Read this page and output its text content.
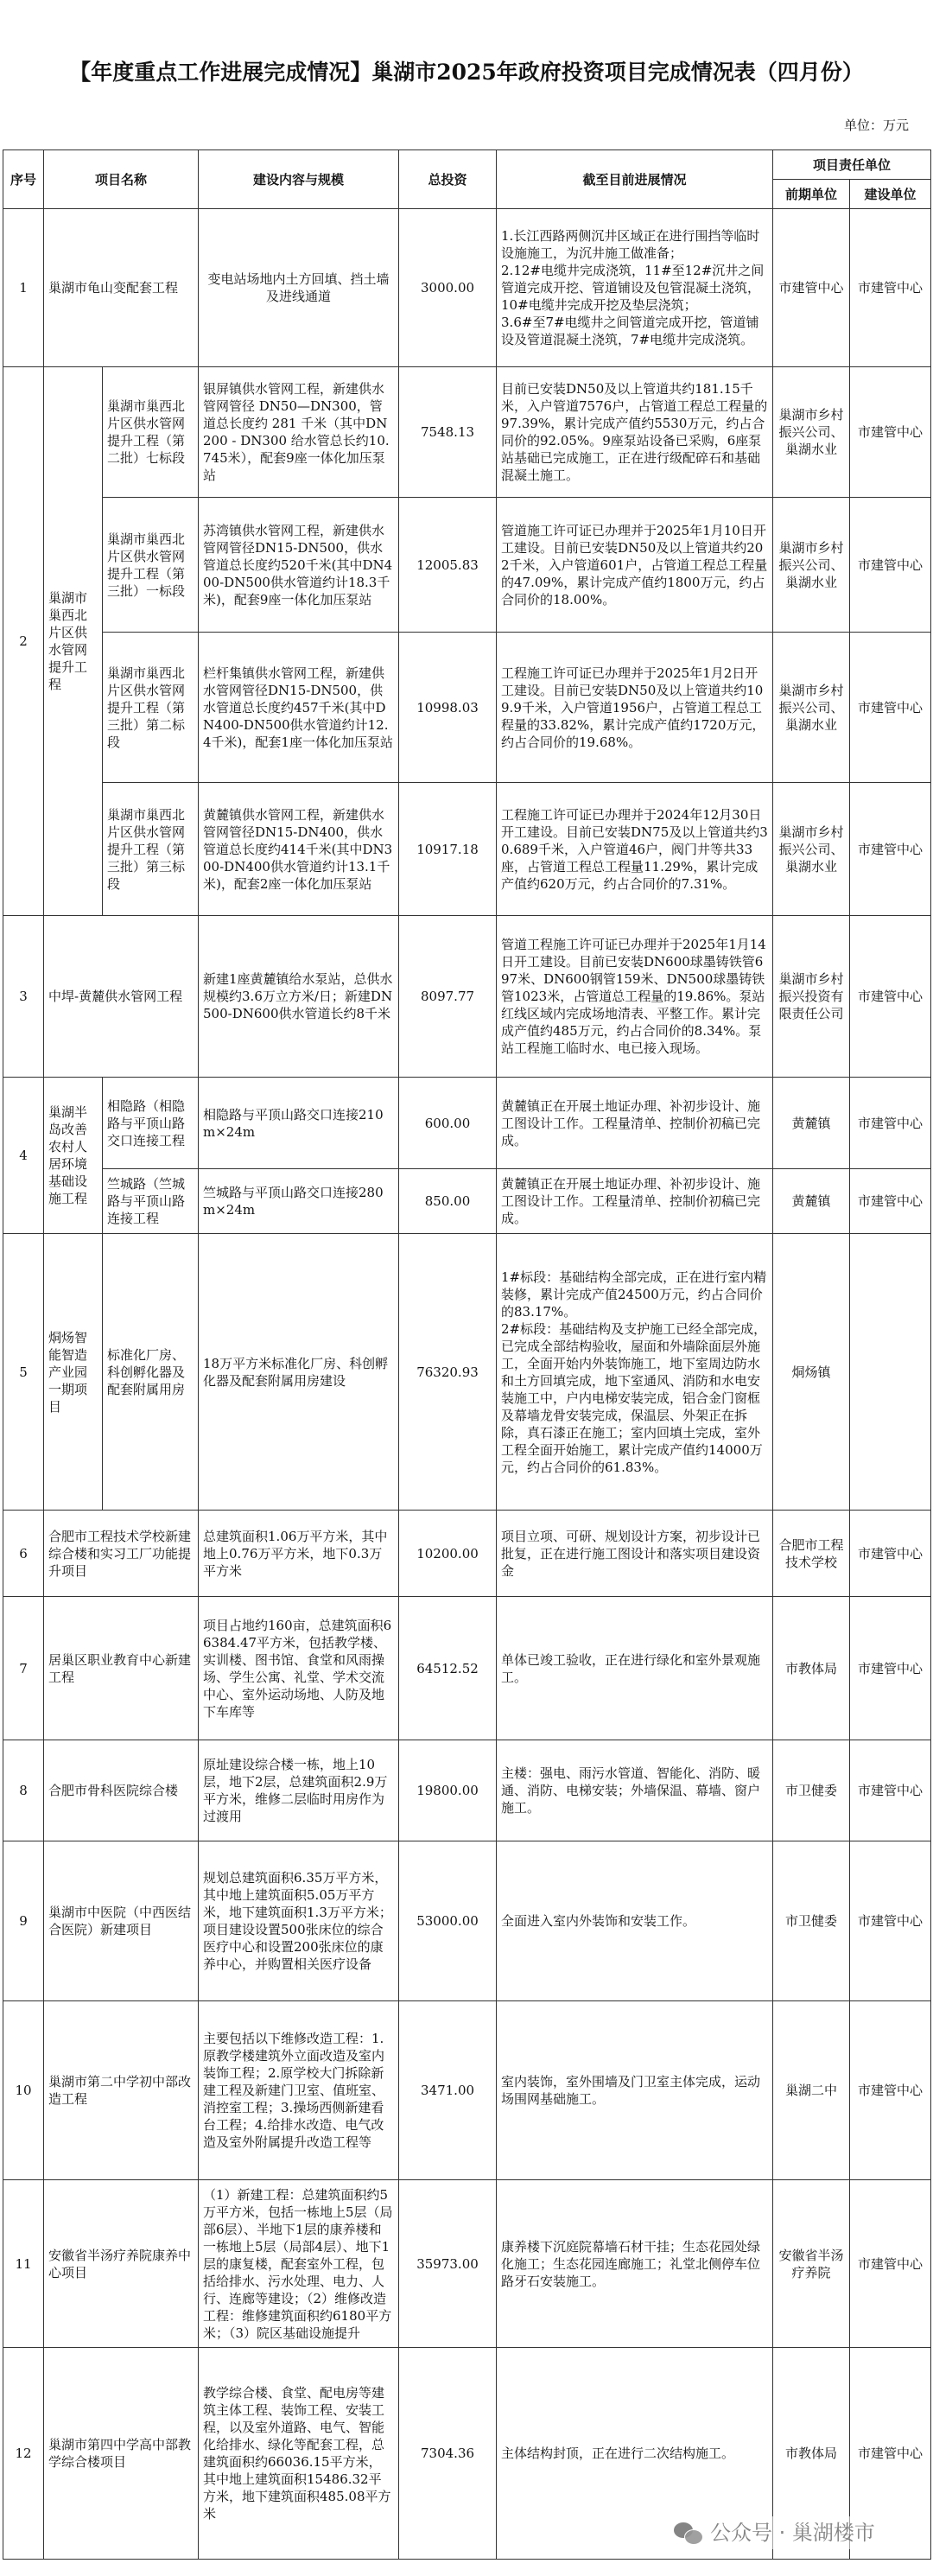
【年度重点工作进展完成情况】巢湖市2025年政府投资项目完成情况表（四月份）
单位：万元
序号	项目名称		建设内容与规模	总投资	截至目前进展情况	项目责任单位	
						前期单位	建设单位
1	巢湖市龟山变配套工程		变电站场地内土方回填、挡土墙及进线通道	3000.00	1.长江西路两侧沉井区域正在进行围挡等临时设施施工，为沉井施工做准备；
2.12#电缆井完成浇筑，11#至12#沉井之间管道完成开挖、管道铺设及包管混凝土浇筑，10#电缆井完成开挖及垫层浇筑；
3.6#至7#电缆井之间管道完成开挖，管道铺设及管道混凝土浇筑，7#电缆井完成浇筑。	市建管中心	市建管中心
2	巢湖市巢西北片区供水管网提升工程	巢湖市巢西北片区供水管网提升工程（第二批）七标段	银屏镇供水管网工程，新建供水管网管径 DN50—DN300，管道总长度约 281 千米（其中DN200 - DN300 给水管总长约10.745米），配套9座一体化加压泵站	7548.13	目前已安装DN50及以上管道共约181.15千米，入户管道7576户，占管道工程总工程量的97.39%，累计完成产值约5530万元，约占合同价的92.05%。9座泵站设备已采购，6座泵站基础已完成施工，正在进行级配碎石和基础混凝土施工。	巢湖市乡村振兴公司、巢湖水业	市建管中心
		巢湖市巢西北片区供水管网提升工程（第三批）一标段	苏湾镇供水管网工程，新建供水管网管径DN15-DN500，供水管道总长度约520千米(其中DN400-DN500供水管道约计18.3千米)，配套9座一体化加压泵站	12005.83	管道施工许可证已办理并于2025年1月10日开工建设。目前已安装DN50及以上管道共约202千米，入户管道601户，占管道工程总工程量的47.09%，累计完成产值约1800万元，约占合同价的18.00%。	巢湖市乡村振兴公司、巢湖水业	市建管中心
		巢湖市巢西北片区供水管网提升工程（第三批）第二标段	栏杆集镇供水管网工程，新建供水管网管径DN15-DN500，供水管道总长度约457千米(其中DN400-DN500供水管道约计12.4千米)，配套1座一体化加压泵站	10998.03	工程施工许可证已办理并于2025年1月2日开工建设。目前已安装DN50及以上管道共约109.9千米，入户管道1956户，占管道工程总工程量的33.82%，累计完成产值约1720万元，约占合同价的19.68%。	巢湖市乡村振兴公司、巢湖水业	市建管中心
		巢湖市巢西北片区供水管网提升工程（第三批）第三标段	黄麓镇供水管网工程，新建供水管网管径DN15-DN400，供水管道总长度约414千米(其中DN300-DN400供水管道约计13.1千米)，配套2座一体化加压泵站	10917.18	工程施工许可证已办理并于2024年12月30日开工建设。目前已安装DN75及以上管道共约30.689千米，入户管道46户，阀门井等共33座，占管道工程总工程量11.29%，累计完成产值约620万元，约占合同价的7.31%。	巢湖市乡村振兴公司、巢湖水业	市建管中心
3	中垾-黄麓供水管网工程		新建1座黄麓镇给水泵站，总供水规模约3.6万立方米/日；新建DN500-DN600供水管道长约8千米	8097.77	管道工程施工许可证已办理并于2025年1月14日开工建设。目前已安装DN600球墨铸铁管697米、DN600钢管159米、DN500球墨铸铁管1023米，占管道总工程量的19.86%。泵站红线区域内完成场地清表、平整工作。累计完成产值约485万元，约占合同价的8.34%。泵站工程施工临时水、电已接入现场。	巢湖市乡村振兴投资有限责任公司	市建管中心
4	巢湖半岛改善农村人居环境基础设施工程	相隐路（相隐路与平顶山路交口连接工程	相隐路与平顶山路交口连接210m×24m	600.00	黄麓镇正在开展土地证办理、补初步设计、施工图设计工作。工程量清单、控制价初稿已完成。	黄麓镇	市建管中心
		竺城路（竺城路与平顶山路连接工程	竺城路与平顶山路交口连接280m×24m	850.00	黄麓镇正在开展土地证办理、补初步设计、施工图设计工作。工程量清单、控制价初稿已完成。	黄麓镇	市建管中心
5	烔炀智能智造产业园一期项目	标准化厂房、科创孵化器及配套附属用房	18万平方米标准化厂房、科创孵化器及配套附属用房建设	76320.93	1#标段：基础结构全部完成，正在进行室内精装修，累计完成产值24500万元，约占合同价的83.17%。
2#标段：基础结构及支护施工已经全部完成，已完成全部结构验收，屋面和外墙除面层外施工，全面开始内外装饰施工，地下室周边防水和土方回填完成，地下室通风、消防和水电安装施工中，户内电梯安装完成，铝合金门窗框及幕墙龙骨安装完成，保温层、外架正在拆除，真石漆正在施工；室内回填土完成，室外工程全面开始施工，累计完成产值约14000万元，约占合同价的61.83%。	烔炀镇	
6	合肥市工程技术学校新建综合楼和实习工厂功能提升项目		总建筑面积1.06万平方米，其中地上0.76万平方米，地下0.3万平方米	10200.00	项目立项、可研、规划设计方案，初步设计已批复，正在进行施工图设计和落实项目建设资金	合肥市工程技术学校	市建管中心
7	居巢区职业教育中心新建工程		项目占地约160亩，总建筑面积66384.47平方米，包括教学楼、实训楼、图书馆、食堂和风雨操场、学生公寓、礼堂、学术交流中心、室外运动场地、人防及地下车库等	64512.52	单体已竣工验收，正在进行绿化和室外景观施工。	市教体局	市建管中心
8	合肥市骨科医院综合楼		原址建设综合楼一栋，地上10层，地下2层，总建筑面积2.9万平方米，维修二层临时用房作为过渡用	19800.00	主楼：强电、雨污水管道、智能化、消防、暖通、消防、电梯安装；外墙保温、幕墙、窗户施工。	市卫健委	市建管中心
9	巢湖市中医院（中西医结合医院）新建项目		规划总建筑面积6.35万平方米，其中地上建筑面积5.05万平方米，地下建筑面积1.3万平方米；项目建设设置500张床位的综合医疗中心和设置200张床位的康养中心，并购置相关医疗设备	53000.00	全面进入室内外装饰和安装工作。	市卫健委	市建管中心
10	巢湖市第二中学初中部改造工程		主要包括以下维修改造工程：1.原教学楼建筑外立面改造及室内装饰工程；2.原学校大门拆除新建工程及新建门卫室、值班室、消控室工程；3.操场西侧新建看台工程；4.给排水改造、电气改造及室外附属提升改造工程等	3471.00	室内装饰，室外围墙及门卫室主体完成，运动场围网基础施工。	巢湖二中	市建管中心
11	安徽省半汤疗养院康养中心项目		（1）新建工程：总建筑面积约5万平方米，包括一栋地上5层（局部6层）、半地下1层的康养楼和一栋地上5层（局部4层）、地下1层的康复楼，配套室外工程，包括给排水、污水处理、电力、人行、连廊等建设；（2）维修改造工程：维修建筑面积约6180平方米；（3）院区基础设施提升	35973.00	康养楼下沉庭院幕墙石材干挂；生态花园处绿化施工；生态花园连廊施工；礼堂北侧停车位路牙石安装施工。	安徽省半汤疗养院	市建管中心
12	巢湖市第四中学高中部教学综合楼项目		教学综合楼、食堂、配电房等建筑主体工程、装饰工程、安装工程，以及室外道路、电气、智能化给排水、绿化等配套工程，总建筑面积约66036.15平方米，其中地上建筑面积15486.32平方米，地下建筑面积485.08平方米	7304.36	主体结构封顶，正在进行二次结构施工。	市教体局	市建管中心
公众号 · 巢湖楼市
